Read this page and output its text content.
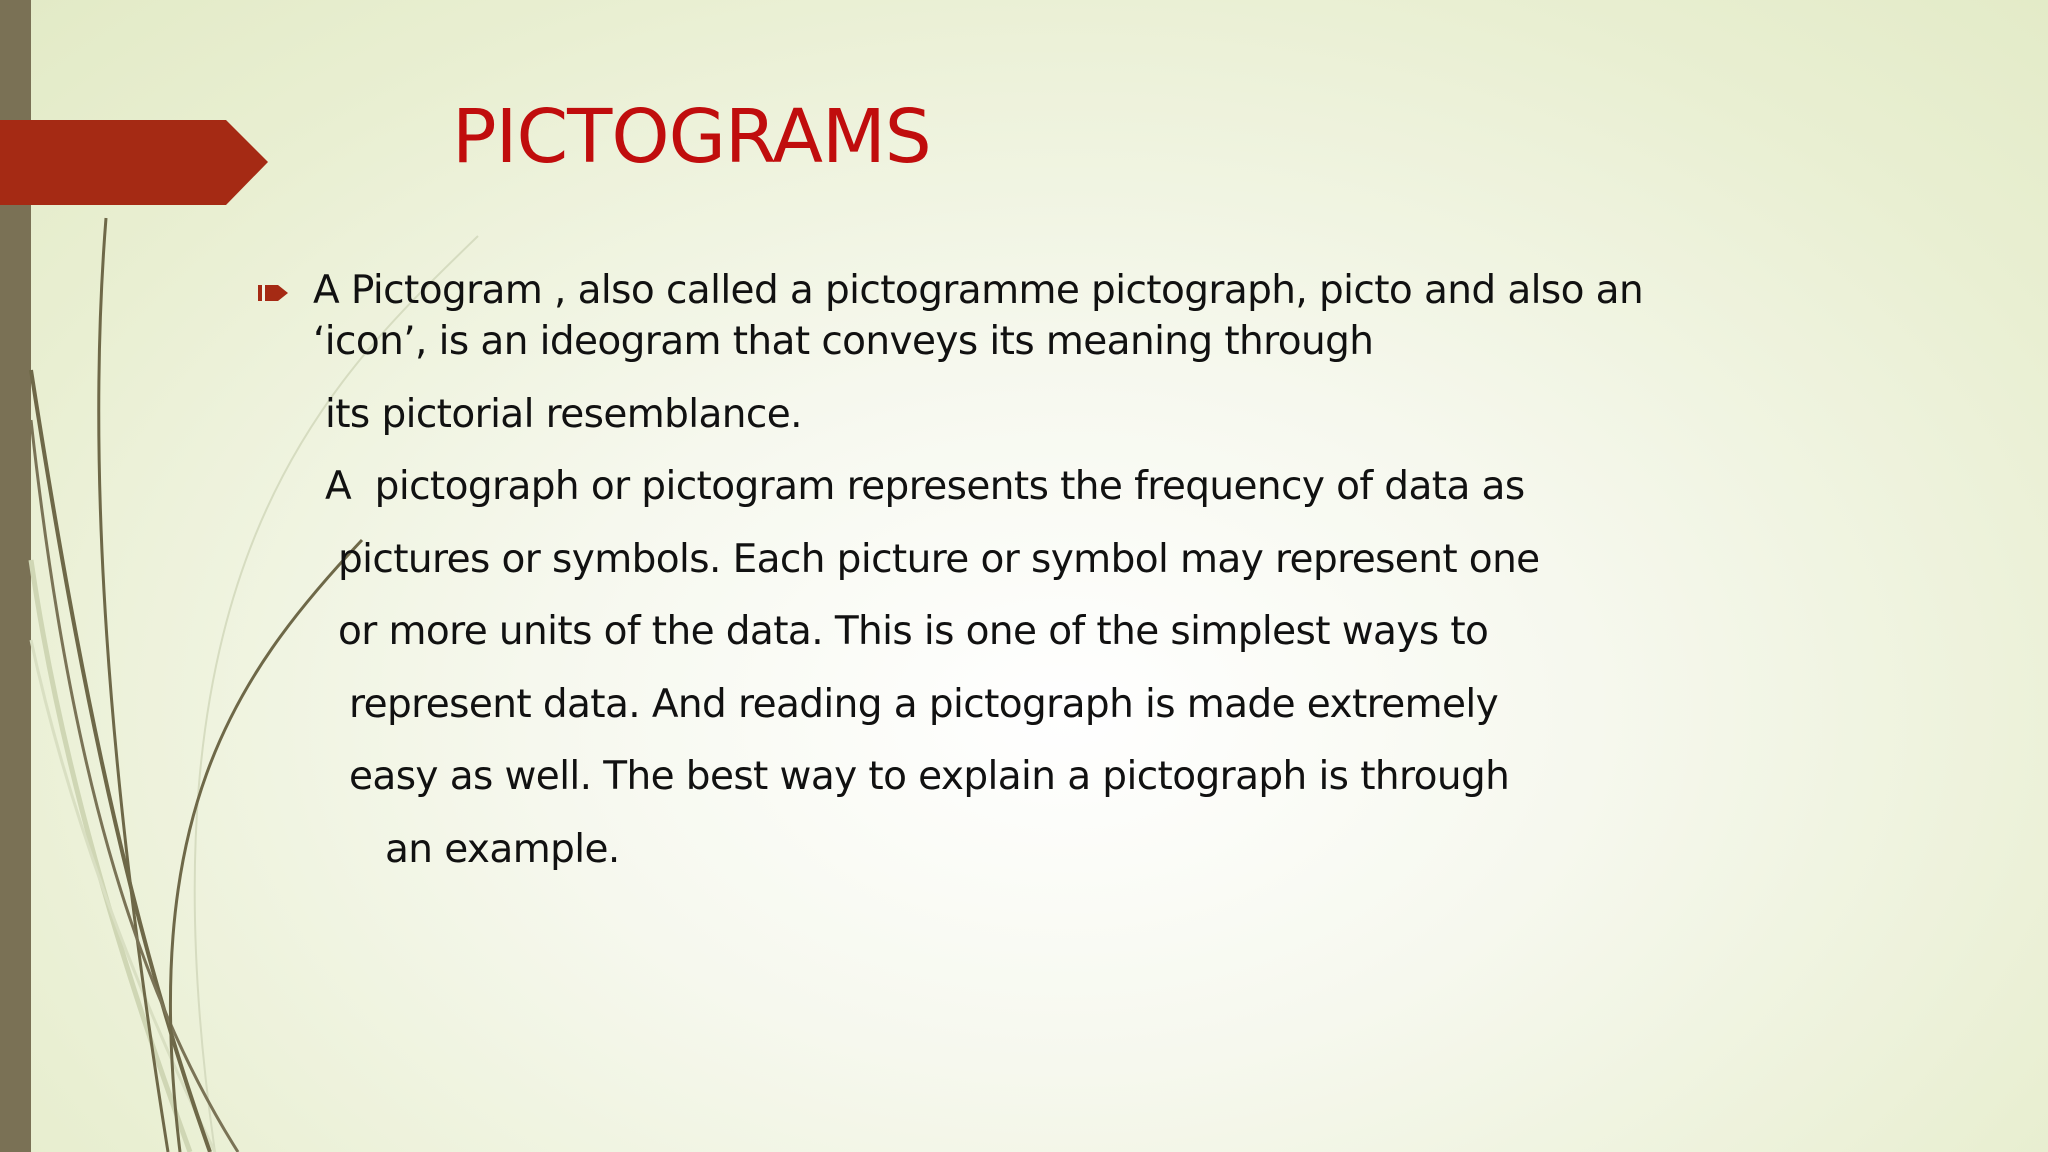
PICTOGRAMS

A Pictogram , also called a pictogramme pictograph, picto and also an

‘icon’, is an ideogram that conveys its meaning through

its pictorial resemblance.

A  pictograph or pictogram represents the frequency of data as

pictures or symbols. Each picture or symbol may represent one

or more units of the data. This is one of the simplest ways to

represent data. And reading a pictograph is made extremely

easy as well. The best way to explain a pictograph is through

an example.
